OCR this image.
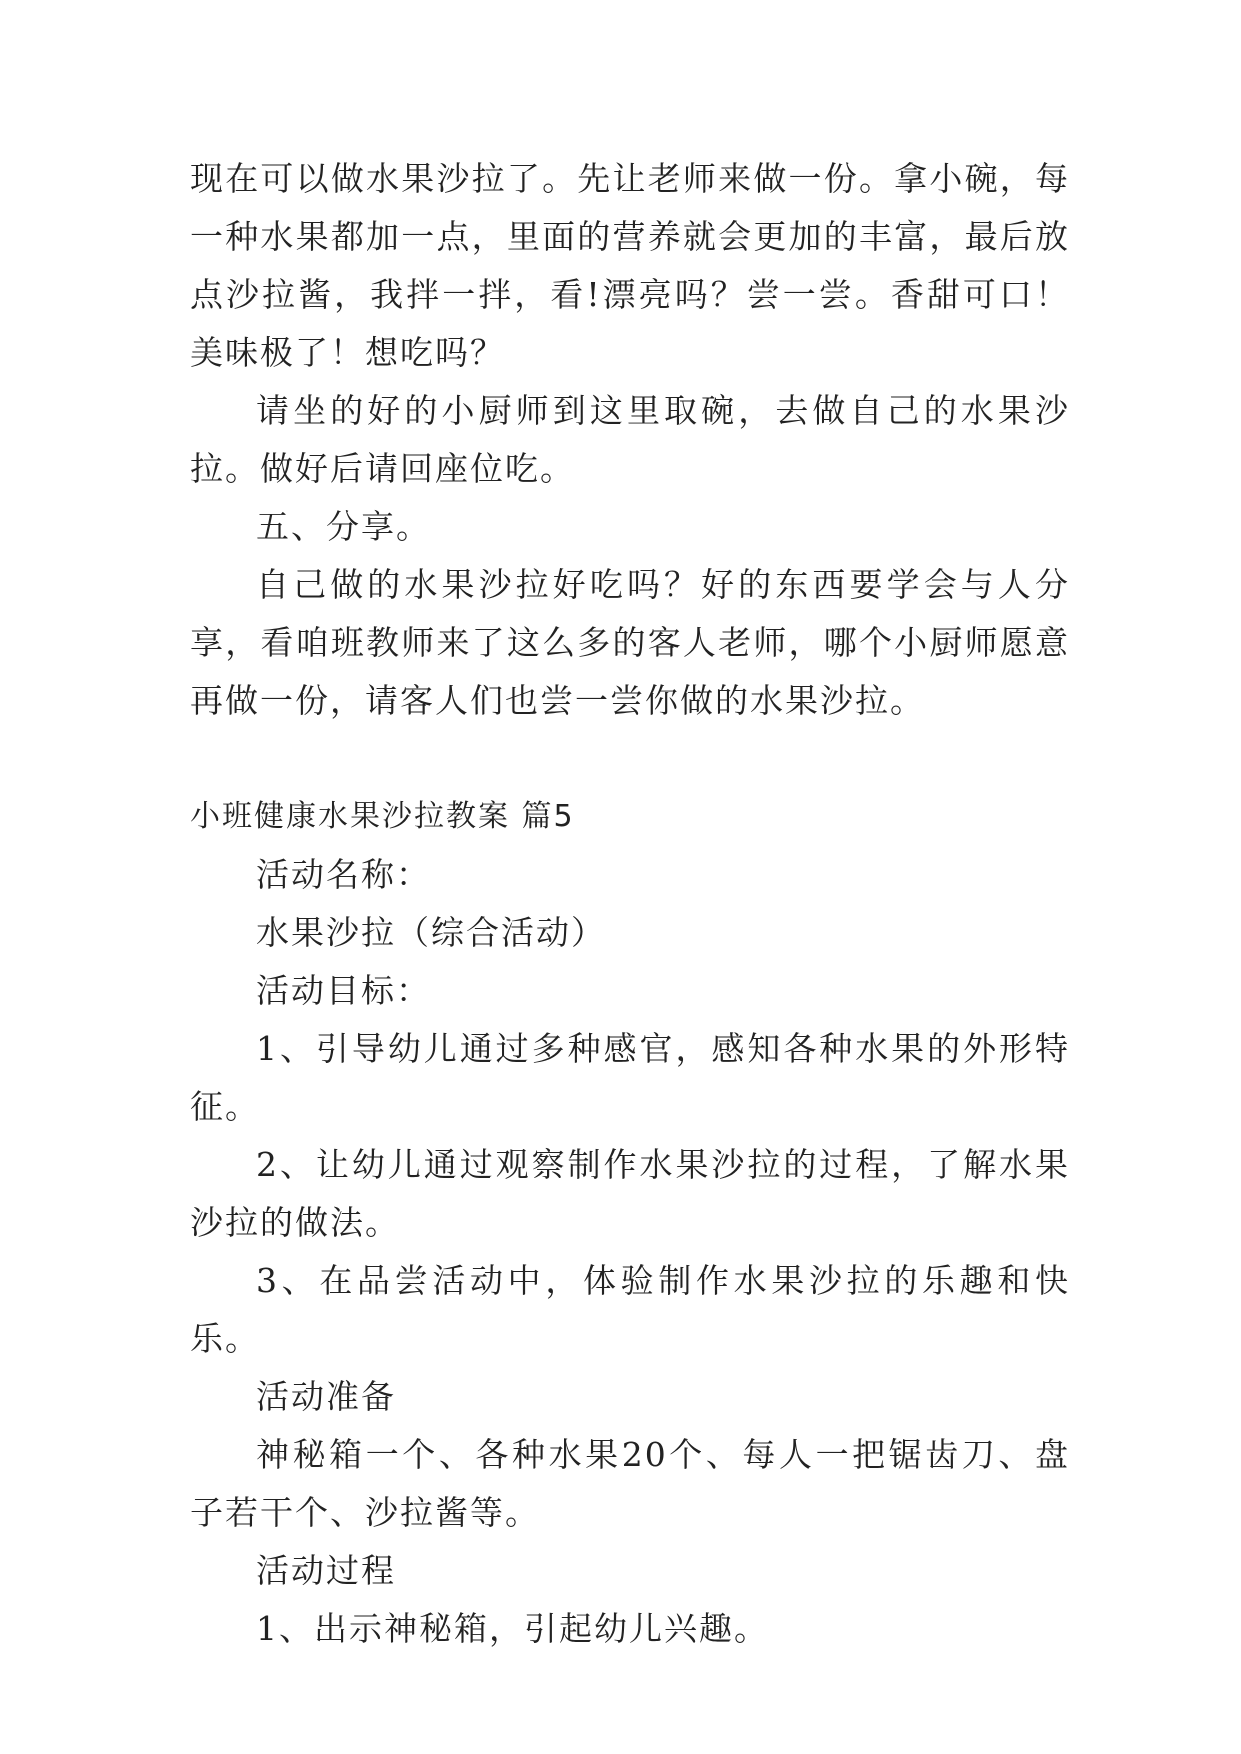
现在可以做水果沙拉了。先让老师来做一份。拿小碗，每一种水果都加一点，里面的营养就会更加的丰富，最后放点沙拉酱，我拌一拌，看!漂亮吗？尝一尝。香甜可口！美味极了！想吃吗？

请坐的好的小厨师到这里取碗，去做自己的水果沙拉。做好后请回座位吃。

五、分享。

自己做的水果沙拉好吃吗？好的东西要学会与人分享，看咱班教师来了这么多的客人老师，哪个小厨师愿意再做一份，请客人们也尝一尝你做的水果沙拉。

小班健康水果沙拉教案 篇5

活动名称：

水果沙拉（综合活动）

活动目标：

1、引导幼儿通过多种感官，感知各种水果的外形特征。

2、让幼儿通过观察制作水果沙拉的过程，了解水果沙拉的做法。

3、在品尝活动中，体验制作水果沙拉的乐趣和快乐。

活动准备

神秘箱一个、各种水果20个、每人一把锯齿刀、盘子若干个、沙拉酱等。

活动过程

1、出示神秘箱，引起幼儿兴趣。
